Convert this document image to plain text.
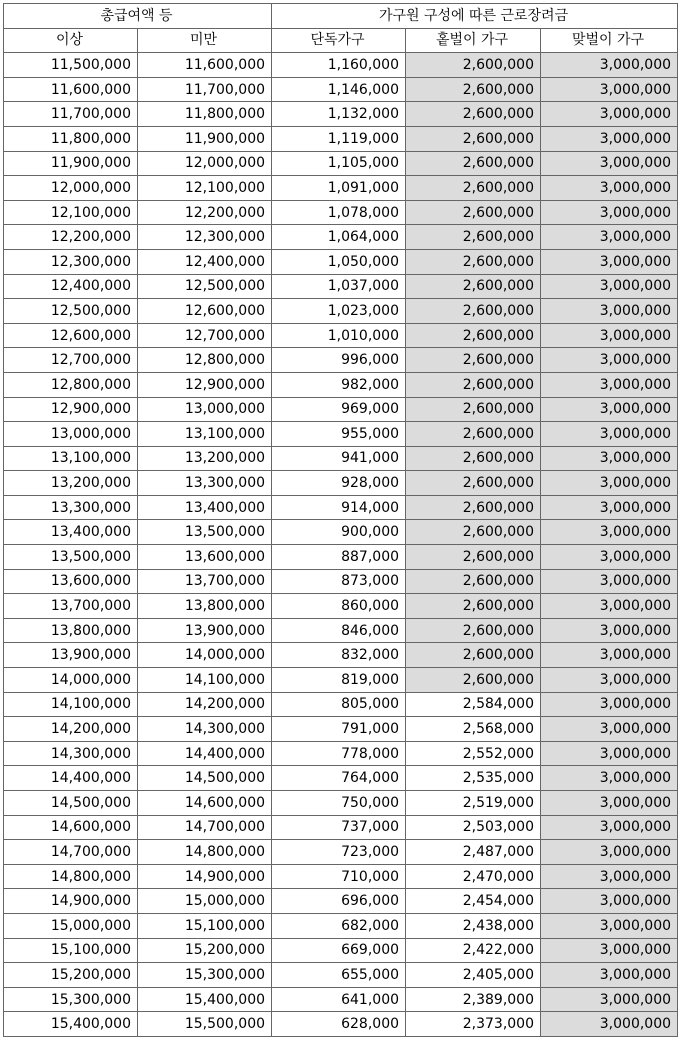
총급여액 등		가구원 구성에 따른 근로장려금		
이상	미만	단독가구	홑벌이 가구	맞벌이 가구
11,500,000	11,600,000	1,160,000	2,600,000	3,000,000
11,600,000	11,700,000	1,146,000	2,600,000	3,000,000
11,700,000	11,800,000	1,132,000	2,600,000	3,000,000
11,800,000	11,900,000	1,119,000	2,600,000	3,000,000
11,900,000	12,000,000	1,105,000	2,600,000	3,000,000
12,000,000	12,100,000	1,091,000	2,600,000	3,000,000
12,100,000	12,200,000	1,078,000	2,600,000	3,000,000
12,200,000	12,300,000	1,064,000	2,600,000	3,000,000
12,300,000	12,400,000	1,050,000	2,600,000	3,000,000
12,400,000	12,500,000	1,037,000	2,600,000	3,000,000
12,500,000	12,600,000	1,023,000	2,600,000	3,000,000
12,600,000	12,700,000	1,010,000	2,600,000	3,000,000
12,700,000	12,800,000	996,000	2,600,000	3,000,000
12,800,000	12,900,000	982,000	2,600,000	3,000,000
12,900,000	13,000,000	969,000	2,600,000	3,000,000
13,000,000	13,100,000	955,000	2,600,000	3,000,000
13,100,000	13,200,000	941,000	2,600,000	3,000,000
13,200,000	13,300,000	928,000	2,600,000	3,000,000
13,300,000	13,400,000	914,000	2,600,000	3,000,000
13,400,000	13,500,000	900,000	2,600,000	3,000,000
13,500,000	13,600,000	887,000	2,600,000	3,000,000
13,600,000	13,700,000	873,000	2,600,000	3,000,000
13,700,000	13,800,000	860,000	2,600,000	3,000,000
13,800,000	13,900,000	846,000	2,600,000	3,000,000
13,900,000	14,000,000	832,000	2,600,000	3,000,000
14,000,000	14,100,000	819,000	2,600,000	3,000,000
14,100,000	14,200,000	805,000	2,584,000	3,000,000
14,200,000	14,300,000	791,000	2,568,000	3,000,000
14,300,000	14,400,000	778,000	2,552,000	3,000,000
14,400,000	14,500,000	764,000	2,535,000	3,000,000
14,500,000	14,600,000	750,000	2,519,000	3,000,000
14,600,000	14,700,000	737,000	2,503,000	3,000,000
14,700,000	14,800,000	723,000	2,487,000	3,000,000
14,800,000	14,900,000	710,000	2,470,000	3,000,000
14,900,000	15,000,000	696,000	2,454,000	3,000,000
15,000,000	15,100,000	682,000	2,438,000	3,000,000
15,100,000	15,200,000	669,000	2,422,000	3,000,000
15,200,000	15,300,000	655,000	2,405,000	3,000,000
15,300,000	15,400,000	641,000	2,389,000	3,000,000
15,400,000	15,500,000	628,000	2,373,000	3,000,000
